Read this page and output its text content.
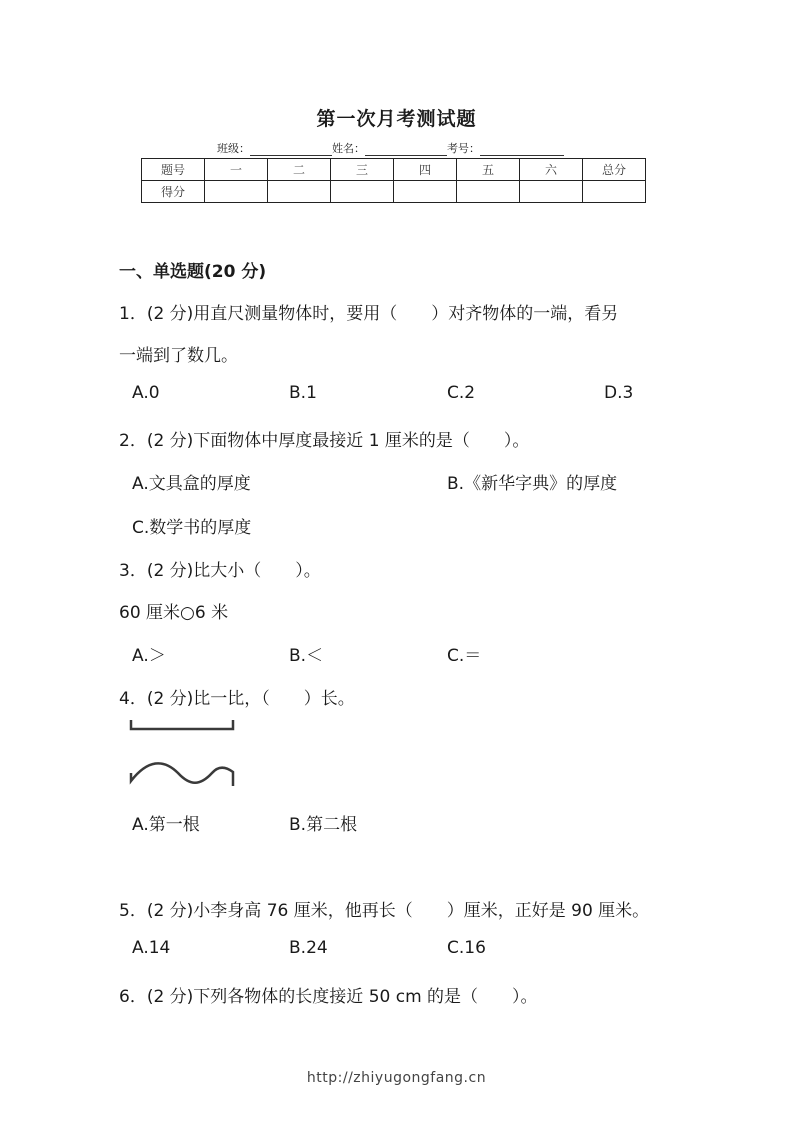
第一次月考测试题
班级：	姓名：	考号：
题号	一	二	三	四	五	六	总分
得分							
一、单选题(20 分)
1．(2 分)用直尺测量物体时，要用（　　）对齐物体的一端，看另
一端到了数几。
A.0	B.1	C.2	D.3
2．(2 分)下面物体中厚度最接近 1 厘米的是（　　）。
A.文具盒的厚度	B.《新华字典》的厚度
C.数学书的厚度
3．(2 分)比大小（　　）。
60 厘米○6 米
A.＞	B.＜	C.＝
4．(2 分)比一比，（　　）长。
A.第一根	B.第二根
5．(2 分)小李身高 76 厘米，他再长（　　）厘米，正好是 90 厘米。
A.14	B.24	C.16
6．(2 分)下列各物体的长度接近 50 cm 的是（　　）。
http://zhiyugongfang.cn
